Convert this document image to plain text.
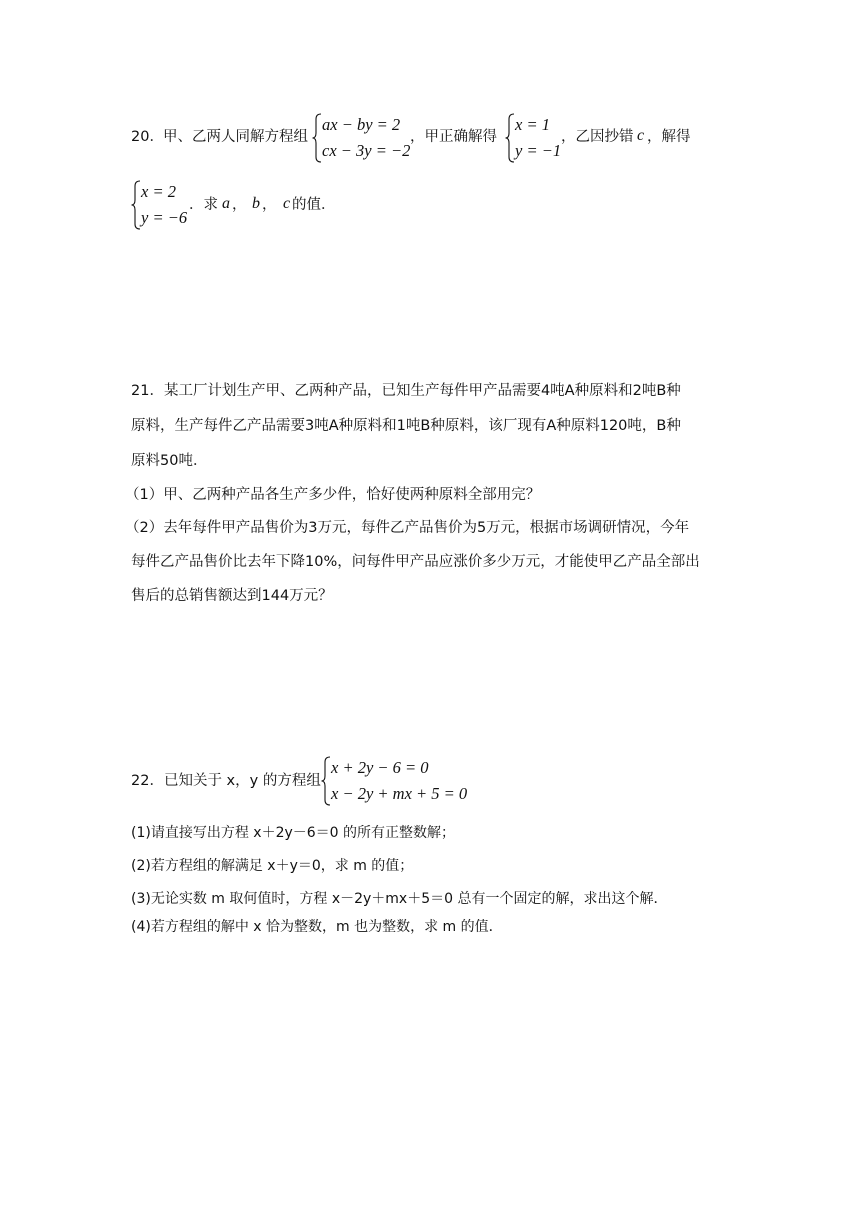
20． 甲、乙两人同解方程组
ax − by = 2
cx − 3y = −2
，甲正确解得
x = 1
y = −1
，乙因抄错 c ，解得
x = 2
y = −6
．求 a ， b ， c 的值．
21．某工厂计划生产甲、乙两种产品，已知生产每件甲产品需要4吨A种原料和2吨B种
原料，生产每件乙产品需要3吨A种原料和1吨B种原料，该厂现有A种原料120吨，B种
原料50吨．
（1）甲、乙两种产品各生产多少件，恰好使两种原料全部用完？
（2）去年每件甲产品售价为3万元，每件乙产品售价为5万元，根据市场调研情况，今年
每件乙产品售价比去年下降10%，问每件甲产品应涨价多少万元，才能使甲乙产品全部出
售后的总销售额达到144万元？
22．已知关于 x，y 的方程组
x + 2y − 6 = 0
x − 2y + mx + 5 = 0
(1)请直接写出方程 x＋2y－6＝0 的所有正整数解；
(2)若方程组的解满足 x＋y＝0，求 m 的值；
(3)无论实数 m 取何值时，方程 x－2y＋mx＋5＝0 总有一个固定的解，求出这个解．
(4)若方程组的解中 x 恰为整数，m 也为整数，求 m 的值．
